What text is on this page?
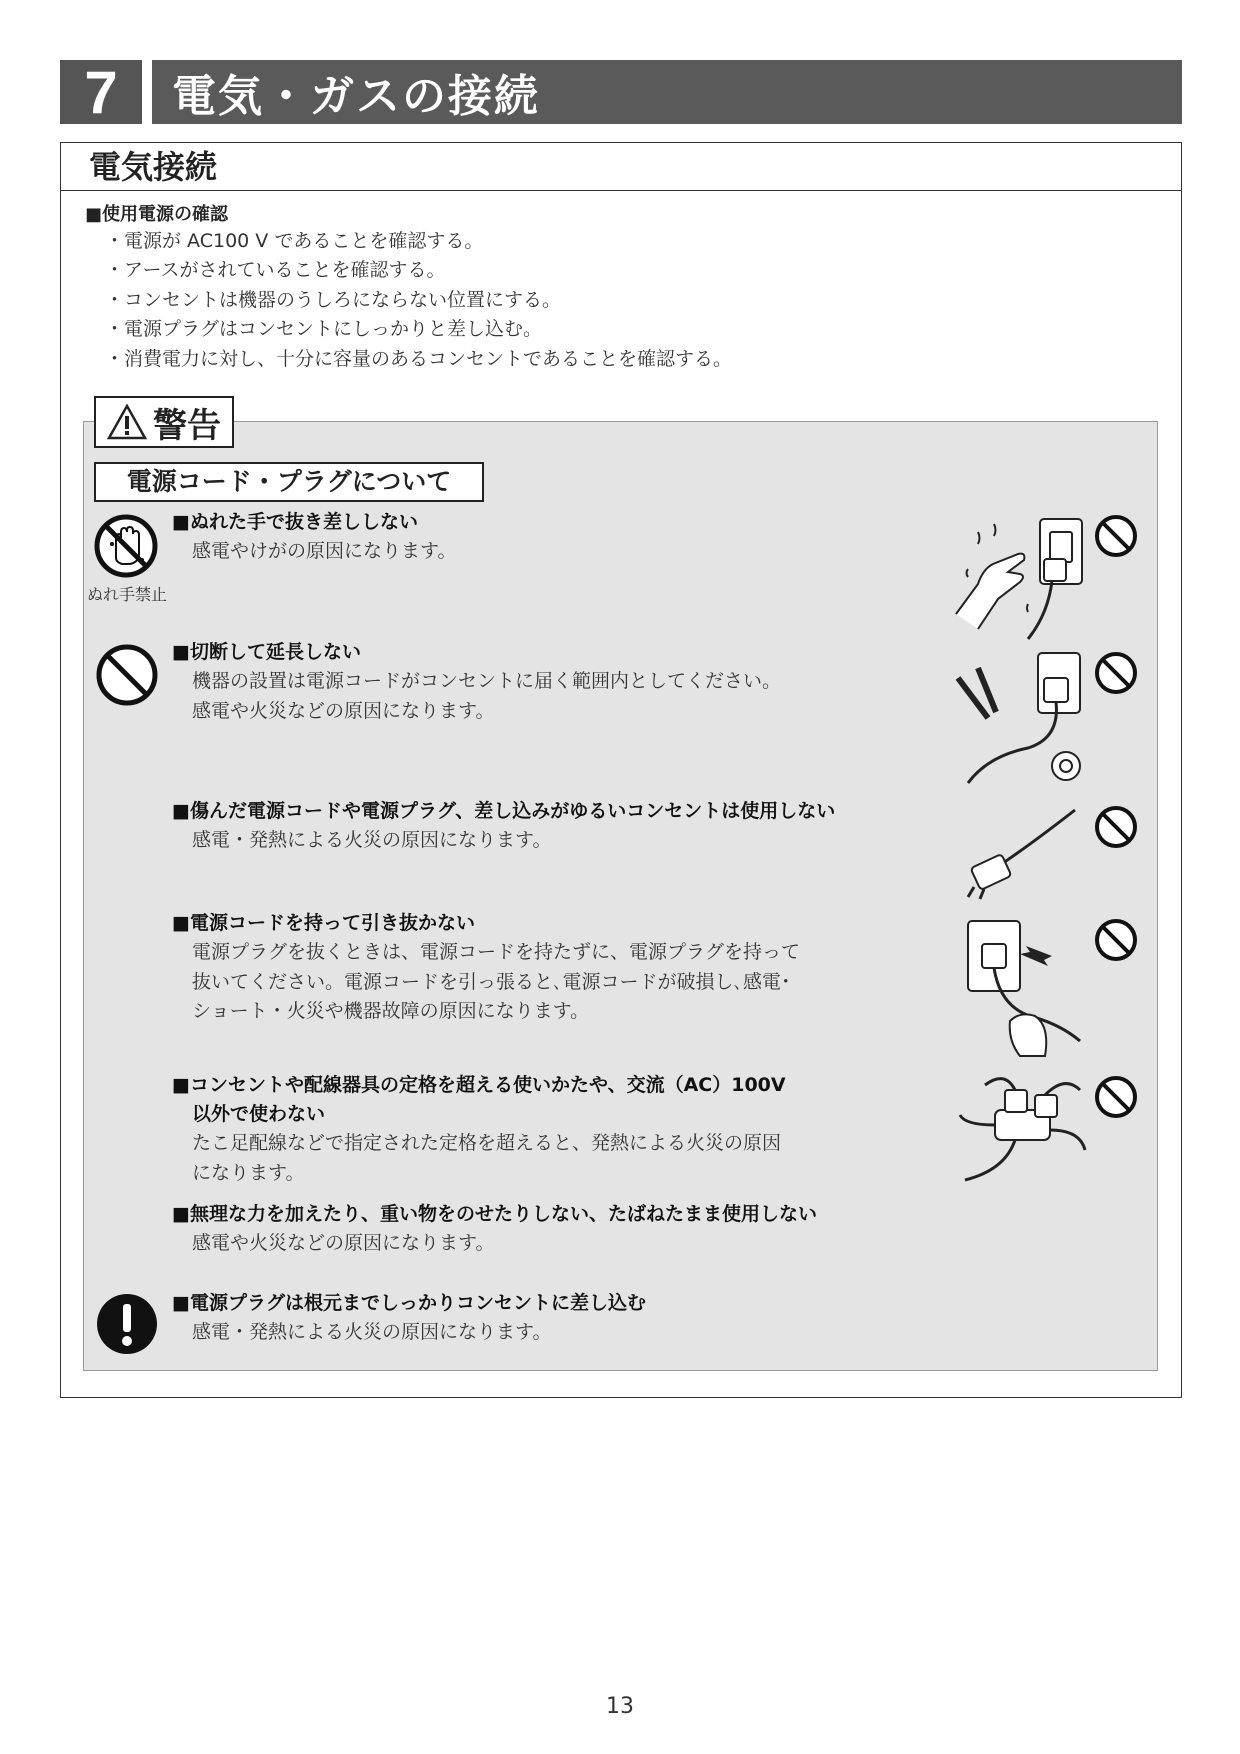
7	電気・ガスの接続
電気接続
■使用電源の確認
・ 電源が AC100 V であることを確認する。
・ アースがされていることを確認する。
・ コンセントは機器のうしろにならない位置にする。
・ 電源プラグはコンセントにしっかりと差し込む。
・ 消費電力に対し、十分に容量のあるコンセントであることを確認する。
警告
電源コード・プラグについて
ぬれ手禁止
■ ぬれた手で抜き差ししない
感電やけがの原因になります。
■ 切断して延長しない
機器の設置は電源コードがコンセントに届く範囲内としてください。
感電や火災などの原因になります。
■ 傷んだ電源コードや電源プラグ、差し込みがゆるいコンセントは使用しない
感電・発熱による火災の原因になります。
■ 電源コードを持って引き抜かない
電源プラグを抜くときは、電源コードを持たずに、電源プラグを持って
抜いてください。電源コードを引っ張ると､電源コードが破損し､感電･
ショート・火災や機器故障の原因になります。
■ コンセントや配線器具の定格を超える使いかたや、交流（AC）100V
以外で使わない
たこ足配線などで指定された定格を超えると、発熱による火災の原因
になります。
■ 無理な力を加えたり、重い物をのせたりしない、たばねたまま使用しない
感電や火災などの原因になります。
■ 電源プラグは根元までしっかりコンセントに差し込む
感電・発熱による火災の原因になります。
13
